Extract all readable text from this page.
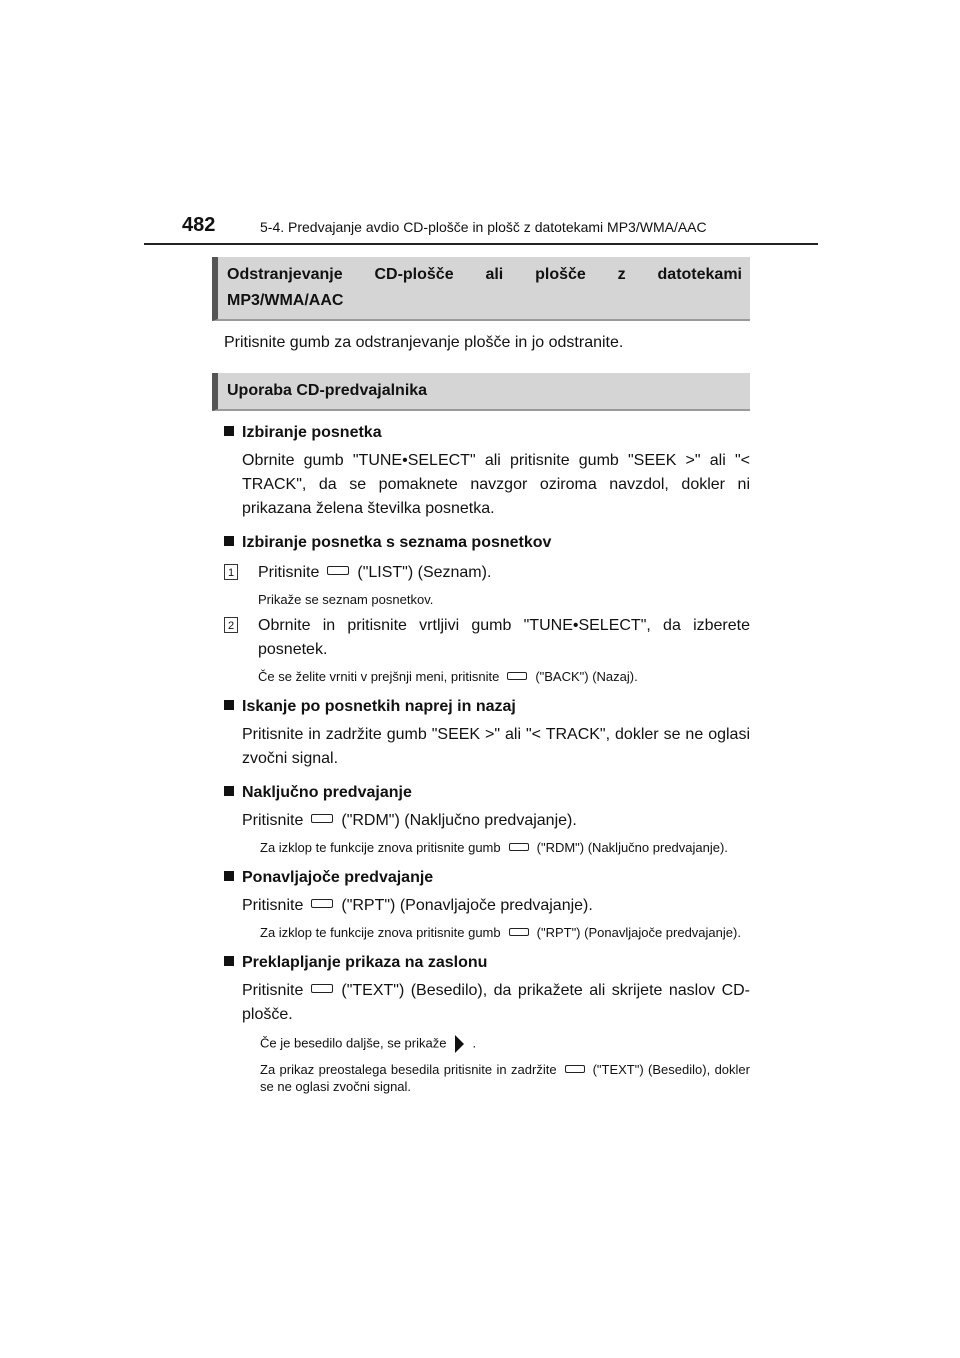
482	5-4. Predvajanje avdio CD-plošče in plošč z datotekami MP3/WMA/AAC
Odstranjevanje CD-plošče ali plošče z datotekami
MP3/WMA/AAC
Pritisnite gumb za odstranjevanje plošče in jo odstranite.
Uporaba CD-predvajalnika
Izbiranje posnetka
Obrnite gumb "TUNE•SELECT" ali pritisnite gumb "SEEK >" ali "< TRACK", da se pomaknete navzgor oziroma navzdol, dokler ni prikazana želena številka posnetka.
Izbiranje posnetka s seznama posnetkov
1 Pritisnite ("LIST") (Seznam).
Prikaže se seznam posnetkov.
2 Obrnite in pritisnite vrtljivi gumb "TUNE•SELECT", da izberete posnetek.
Če se želite vrniti v prejšnji meni, pritisnite	("BACK") (Nazaj).
Iskanje po posnetkih naprej in nazaj
Pritisnite in zadržite gumb "SEEK >" ali "< TRACK", dokler se ne oglasi zvočni signal.
Naključno predvajanje
Pritisnite ("RDM") (Naključno predvajanje).
Za izklop te funkcije znova pritisnite gumb	("RDM") (Naključno predvajanje).
Ponavljajoče predvajanje
Pritisnite ("RPT") (Ponavljajoče predvajanje).
Za izklop te funkcije znova pritisnite gumb	("RPT") (Ponavljajoče predvajanje).
Preklapljanje prikaza na zaslonu
Pritisnite ("TEXT") (Besedilo), da prikažete ali skrijete naslov CD-plošče.
Če je besedilo daljše, se prikaže .
Za prikaz preostalega besedila pritisnite in zadržite	("TEXT") (Besedilo), dokler se ne oglasi zvočni signal.
